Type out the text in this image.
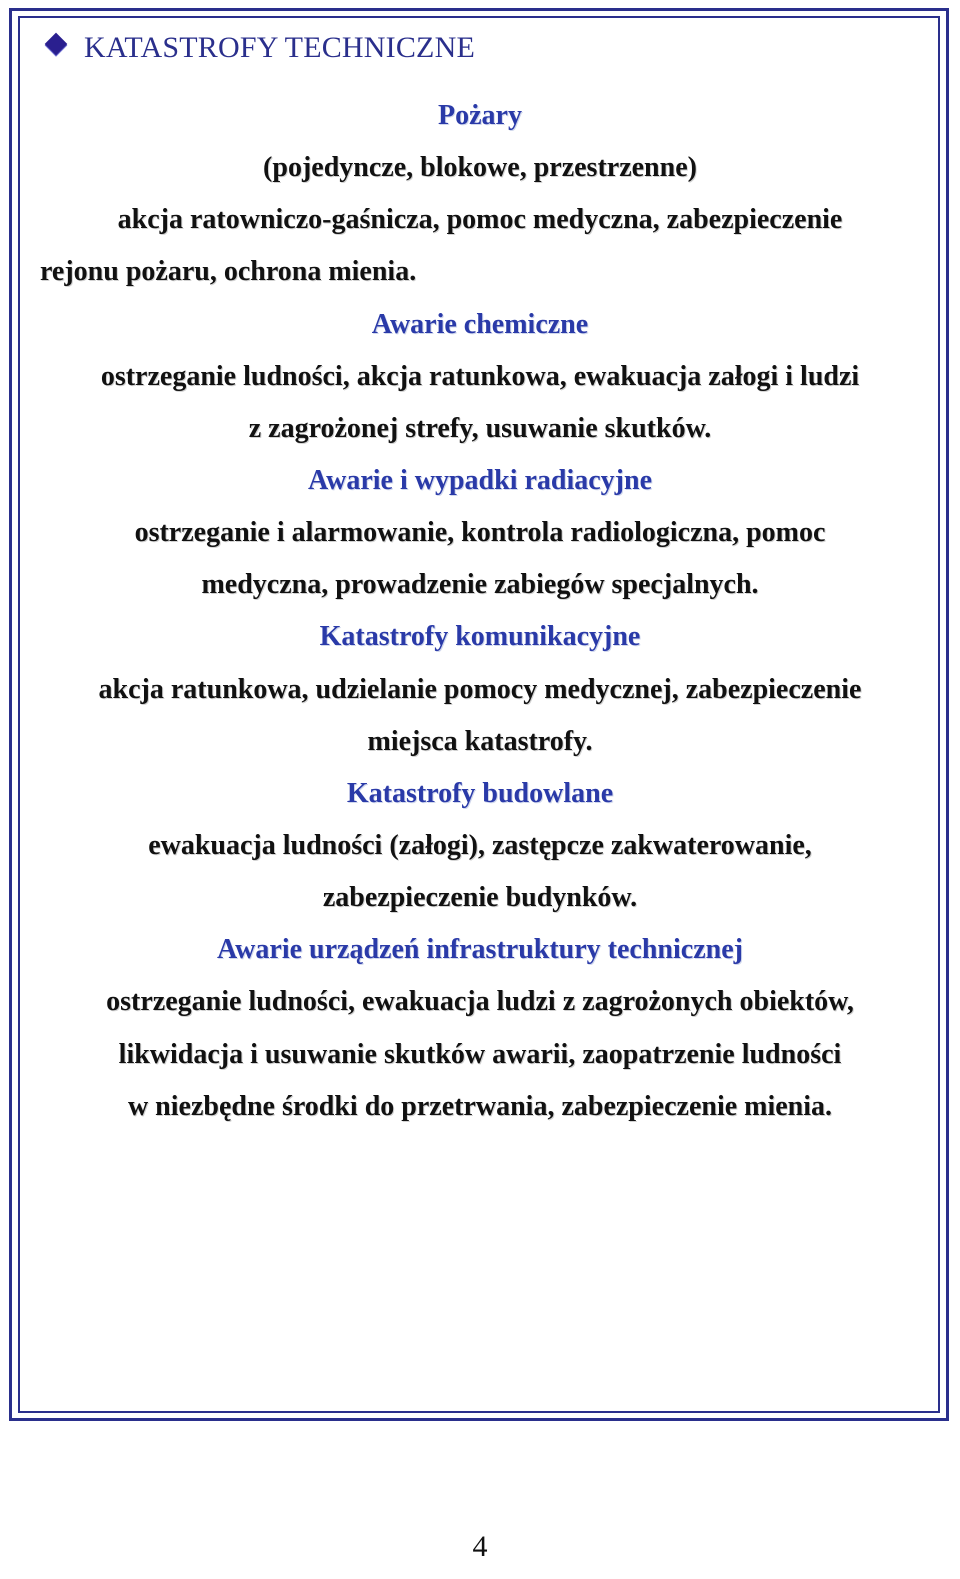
KATASTROFY TECHNICZNE
Pożary
(pojedyncze, blokowe, przestrzenne)
akcja ratowniczo-gaśnicza, pomoc medyczna, zabezpieczenie
rejonu pożaru, ochrona mienia.
Awarie chemiczne
ostrzeganie ludności, akcja ratunkowa, ewakuacja załogi i ludzi
z zagrożonej strefy, usuwanie skutków.
Awarie i wypadki radiacyjne
ostrzeganie i alarmowanie, kontrola radiologiczna, pomoc
medyczna, prowadzenie zabiegów specjalnych.
Katastrofy komunikacyjne
akcja ratunkowa, udzielanie pomocy medycznej, zabezpieczenie
miejsca katastrofy.
Katastrofy budowlane
ewakuacja ludności (załogi), zastępcze zakwaterowanie,
zabezpieczenie budynków.
Awarie urządzeń infrastruktury technicznej
ostrzeganie ludności, ewakuacja ludzi z zagrożonych obiektów,
likwidacja i usuwanie skutków awarii, zaopatrzenie ludności
w niezbędne środki do przetrwania, zabezpieczenie mienia.
4
